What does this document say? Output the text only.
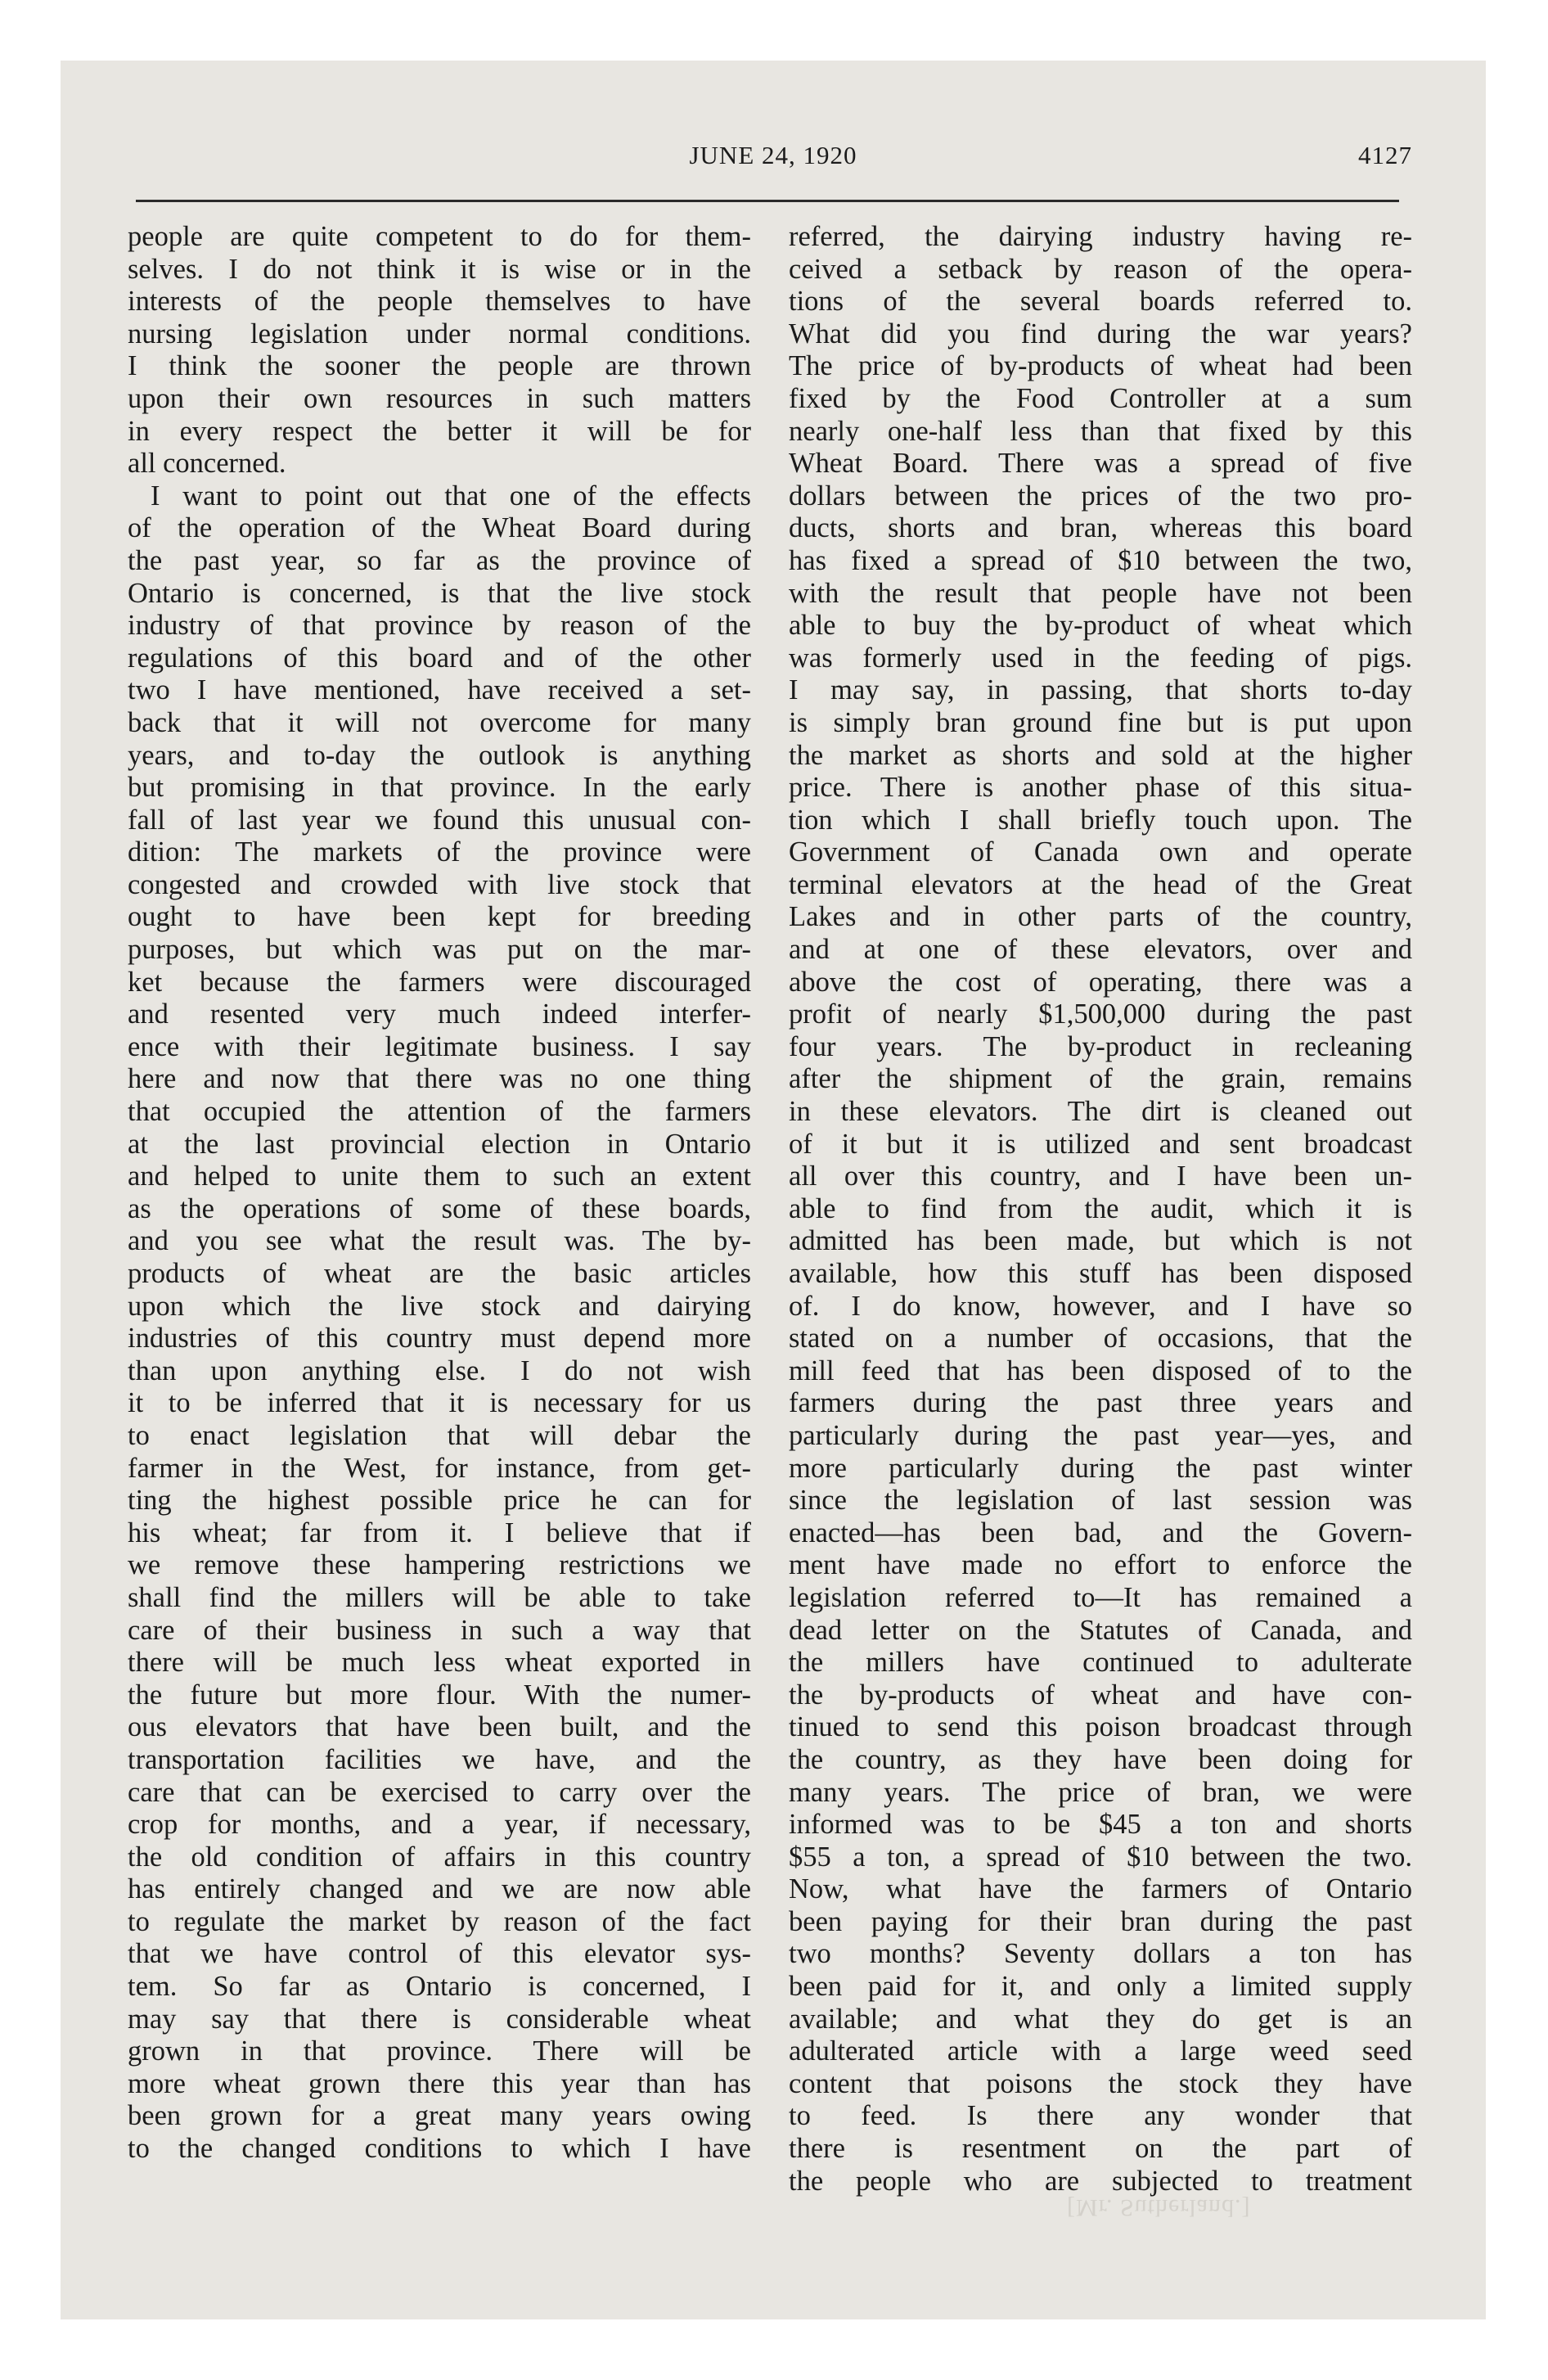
JUNE 24, 1920	4127

people are quite competent to do for them-

selves. I do not think it is wise or in the

interests of the people themselves to have

nursing legislation under normal conditions.

I think the sooner the people are thrown

upon their own resources in such matters

in every respect the better it will be for

all concerned.

I want to point out that one of the effects

of the operation of the Wheat Board during

the past year, so far as the province of

Ontario is concerned, is that the live stock

industry of that province by reason of the

regulations of this board and of the other

two I have mentioned, have received a set-

back that it will not overcome for many

years, and to-day the outlook is anything

but promising in that province. In the early

fall of last year we found this unusual con-

dition: The markets of the province were

congested and crowded with live stock that

ought to have been kept for breeding

purposes, but which was put on the mar-

ket because the farmers were discouraged

and resented very much indeed interfer-

ence with their legitimate business. I say

here and now that there was no one thing

that occupied the attention of the farmers

at the last provincial election in Ontario

and helped to unite them to such an extent

as the operations of some of these boards,

and you see what the result was. The by-

products of wheat are the basic articles

upon which the live stock and dairying

industries of this country must depend more

than upon anything else. I do not wish

it to be inferred that it is necessary for us

to enact legislation that will debar the

farmer in the West, for instance, from get-

ting the highest possible price he can for

his wheat; far from it. I believe that if

we remove these hampering restrictions we

shall find the millers will be able to take

care of their business in such a way that

there will be much less wheat exported in

the future but more flour. With the numer-

ous elevators that have been built, and the

transportation facilities we have, and the

care that can be exercised to carry over the

crop for months, and a year, if necessary,

the old condition of affairs in this country

has entirely changed and we are now able

to regulate the market by reason of the fact

that we have control of this elevator sys-

tem. So far as Ontario is concerned, I

may say that there is considerable wheat

grown in that province. There will be

more wheat grown there this year than has

been grown for a great many years owing

to the changed conditions to which I have

referred, the dairying industry having re-

ceived a setback by reason of the opera-

tions of the several boards referred to.

What did you find during the war years?

The price of by-products of wheat had been

fixed by the Food Controller at a sum

nearly one-half less than that fixed by this

Wheat Board. There was a spread of five

dollars between the prices of the two pro-

ducts, shorts and bran, whereas this board

has fixed a spread of $10 between the two,

with the result that people have not been

able to buy the by-product of wheat which

was formerly used in the feeding of pigs.

I may say, in passing, that shorts to-day

is simply bran ground fine but is put upon

the market as shorts and sold at the higher

price. There is another phase of this situa-

tion which I shall briefly touch upon. The

Government of Canada own and operate

terminal elevators at the head of the Great

Lakes and in other parts of the country,

and at one of these elevators, over and

above the cost of operating, there was a

profit of nearly $1,500,000 during the past

four years. The by-product in recleaning

after the shipment of the grain, remains

in these elevators. The dirt is cleaned out

of it but it is utilized and sent broadcast

all over this country, and I have been un-

able to find from the audit, which it is

admitted has been made, but which is not

available, how this stuff has been disposed

of. I do know, however, and I have so

stated on a number of occasions, that the

mill feed that has been disposed of to the

farmers during the past three years and

particularly during the past year—yes, and

more particularly during the past winter

since the legislation of last session was

enacted—has been bad, and the Govern-

ment have made no effort to enforce the

legislation referred to—It has remained a

dead letter on the Statutes of Canada, and

the millers have continued to adulterate

the by-products of wheat and have con-

tinued to send this poison broadcast through

the country, as they have been doing for

many years. The price of bran, we were

informed was to be $45 a ton and shorts

$55 a ton, a spread of $10 between the two.

Now, what have the farmers of Ontario

been paying for their bran during the past

two months? Seventy dollars a ton has

been paid for it, and only a limited supply

available; and what they do get is an

adulterated article with a large weed seed

content that poisons the stock they have

to feed. Is there any wonder that

there is resentment on the part of

the people who are subjected to treatment

[Mr. Sutherland.]
